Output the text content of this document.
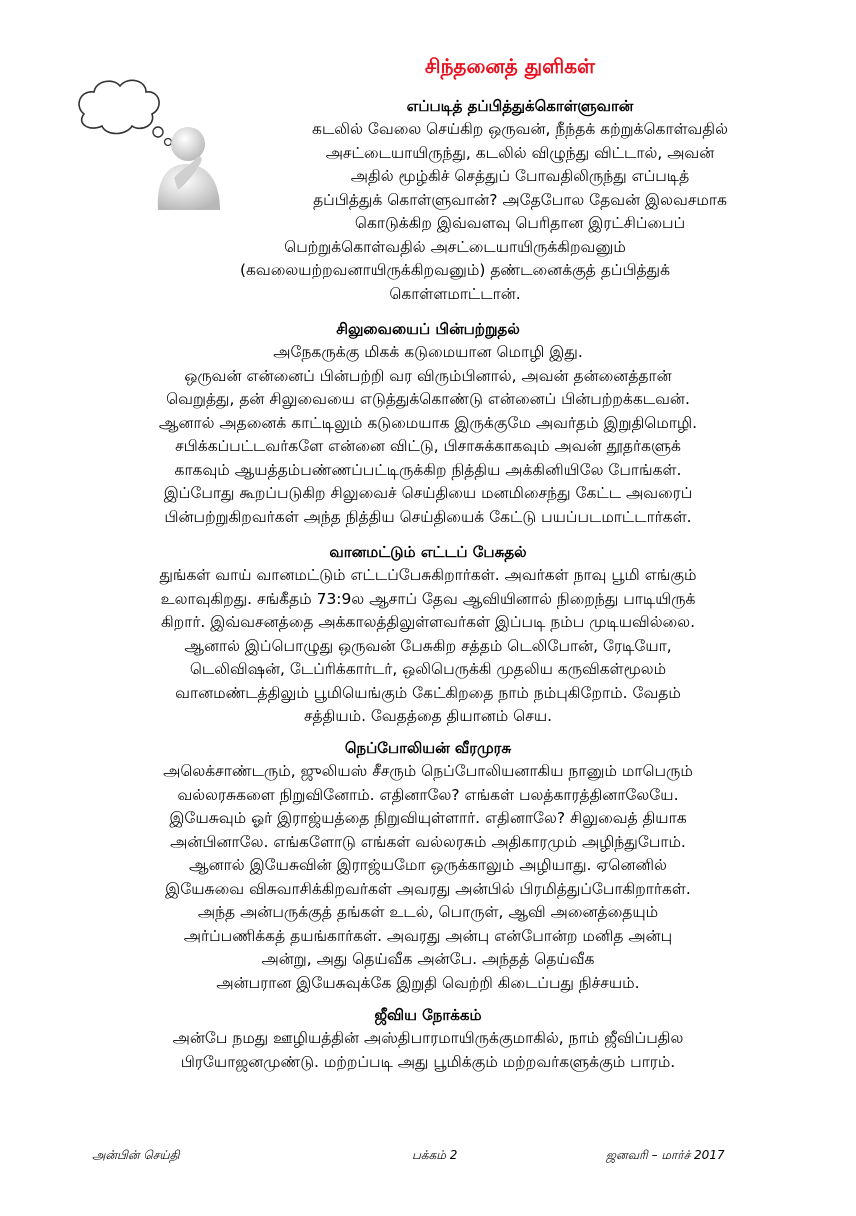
சிந்தனைத் துளிகள்
எப்படித் தப்பித்துக்கொள்ளுவான்
கடலில் வேலை செய்கிற ஒருவன், நீந்தக் கற்றுக்கொள்வதில்
அசட்டையாயிருந்து, கடலில் விழுந்து விட்டால், அவன்
அதில் மூழ்கிச் செத்துப் போவதிலிருந்து எப்படித்
தப்பித்துக் கொள்ளுவான்? அதேபோல தேவன் இலவசமாக
கொடுக்கிற இவ்வளவு பெரிதான இரட்சிப்பைப்
பெற்றுக்கொள்வதில் அசட்டையாயிருக்கிறவனும்
(கவலையற்றவனாயிருக்கிறவனும்) தண்டனைக்குத் தப்பித்துக்
கொள்ளமாட்டான்.
சிலுவையைப் பின்பற்றுதல்
அநேகருக்கு மிகக் கடுமையான மொழி இது.
ஒருவன் என்னைப் பின்பற்றி வர விரும்பினால், அவன் தன்னைத்தான்
வெறுத்து, தன் சிலுவையை எடுத்துக்கொண்டு என்னைப் பின்பற்றக்கடவன்.
ஆனால் அதனைக் காட்டிலும் கடுமையாக இருக்குமே அவர்தம் இறுதிமொழி.
சபிக்கப்பட்டவர்களே என்னை விட்டு, பிசாசுக்காகவும் அவன் தூதர்களுக்
காகவும் ஆயத்தம்பண்ணப்பட்டிருக்கிற நித்திய அக்கினியிலே போங்கள்.
இப்போது கூறப்படுகிற சிலுவைச் செய்தியை மனமிசைந்து கேட்ட அவரைப்
பின்பற்றுகிறவர்கள் அந்த நித்திய செய்தியைக் கேட்டு பயப்படமாட்டார்கள்.
வானமட்டும் எட்டப் பேசுதல்
துங்கள் வாய் வானமட்டும் எட்டப்பேசுகிறார்கள். அவர்கள் நாவு பூமி எங்கும்
உலாவுகிறது. சங்கீதம் 73:9ல ஆசாப் தேவ ஆவியினால் நிறைந்து பாடியிருக்
கிறார். இவ்வசனத்தை அக்காலத்திலுள்ளவர்கள் இப்படி நம்ப முடியவில்லை.
ஆனால் இப்பொழுது ஒருவன் பேசுகிற சத்தம் டெலிபோன், ரேடியோ,
டெலிவிஷன், டேப்ரிக்கார்டர், ஒலிபெருக்கி முதலிய கருவிகள்மூலம்
வானமண்டத்திலும் பூமியெங்கும் கேட்கிறதை நாம் நம்புகிறோம். வேதம்
சத்தியம். வேதத்தை தியானம் செய.
நெப்போலியன் வீரமுரசு
அலெக்சாண்டரும், ஜுலியஸ் சீசரும் நெப்போலியனாகிய நானும் மாபெரும்
வல்லரசுகளை நிறுவினோம். எதினாலே? எங்கள் பலத்காரத்தினாலேயே.
இயேசுவும் ஓர் இராஜ்யத்தை நிறுவியுள்ளார். எதினாலே? சிலுவைத் தியாக
அன்பினாலே. எங்களோடு எங்கள் வல்லரசும் அதிகாரமும் அழிந்துபோம்.
ஆனால் இயேசுவின் இராஜ்யமோ ஒருக்காலும் அழியாது. ஏனெனில்
இயேசுவை விசுவாசிக்கிறவர்கள் அவரது அன்பில் பிரமித்துப்போகிறார்கள்.
அந்த அன்பருக்குத் தங்கள் உடல், பொருள், ஆவி அனைத்தையும்
அர்ப்பணிக்கத் தயங்கார்கள். அவரது அன்பு என்போன்ற மனித அன்பு
அன்று, அது தெய்வீக அன்பே. அந்தத் தெய்வீக
அன்பரான இயேசுவுக்கே இறுதி வெற்றி கிடைப்பது நிச்சயம்.
ஜீவிய நோக்கம்
அன்பே நமது ஊழியத்தின் அஸ்திபாரமாயிருக்குமாகில், நாம் ஜீவிப்பதில
பிரயோஜனமுண்டு. மற்றப்படி அது பூமிக்கும் மற்றவர்களுக்கும் பாரம்.
அன்பின் செய்தி	பக்கம் 2	ஜனவரி – மார்ச் 2017
